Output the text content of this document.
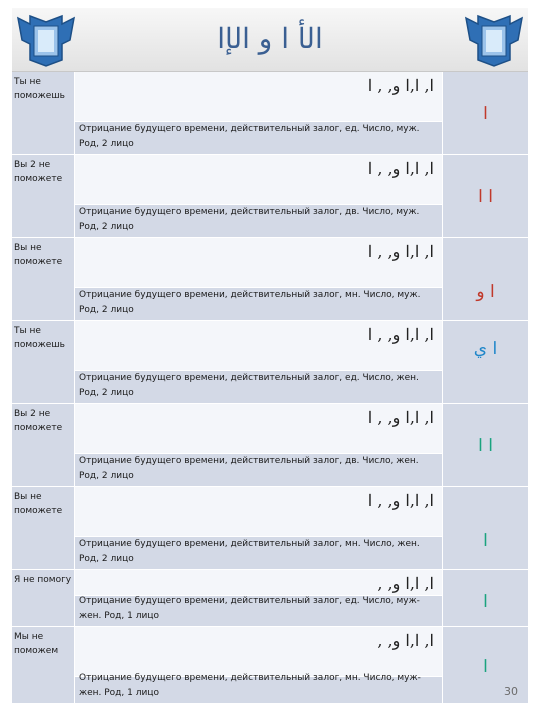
الأ ا و الإا
Ты не поможешь
ا, ا,ا و, , ا
Отрицание будущего времени, действительный залог, ед. Число, муж. Род, 2 лицо
ا
Вы 2 не поможете
ا, ا,ا و, , ا
Отрицание будущего времени, действительный залог, дв. Число, муж. Род, 2 лицо
ا ا
Вы не поможете
ا, ا,ا و, , ا
Отрицание будущего времени, действительный залог, мн. Число, муж. Род, 2 лицо
ا و
Ты не поможешь
ا, ا,ا و, , ا
Отрицание будущего времени, действительный залог, ед. Число, жен. Род, 2 лицо
ا ي
Вы 2 не поможете
ا, ا,ا و, , ا
Отрицание будущего времени, действительный залог, дв. Число, жен. Род, 2 лицо
ا ا
Вы не поможете
ا, ا,ا و, , ا
Отрицание будущего времени, действительный залог, мн. Число, жен. Род, 2 лицо
ا
Я не помогу	ا, ا,ا و, ,
Отрицание будущего времени, действительный залог, ед. Число, муж-жен. Род, 1 лицо
ا
Мы не поможем
ا, ا,ا و, ,
Отрицание будущего времени, действительный залог, мн. Число, муж-жен. Род, 1 лицо
ا
30
